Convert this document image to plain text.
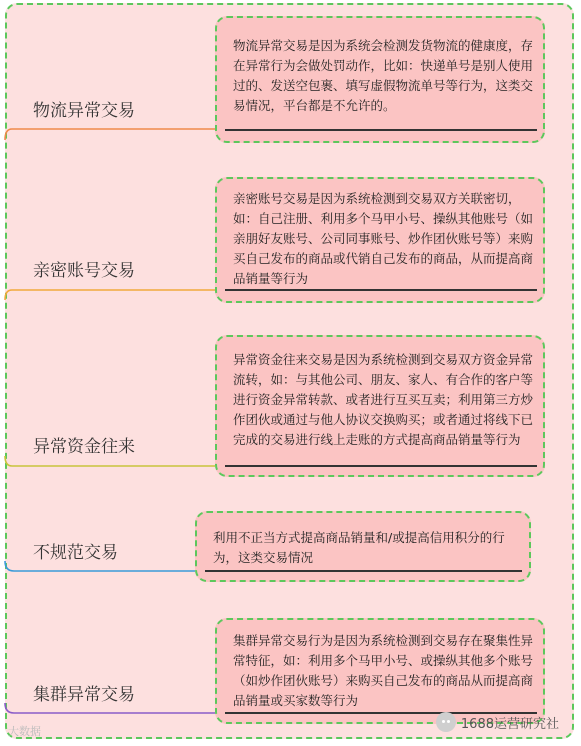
物流异常交易
物流异常交易是因为系统会检测发货物流的健康度，存在异常行为会做处罚动作，比如：快递单号是别人使用过的、发送空包裹、填写虚假物流单号等行为，这类交易情况，平台都是不允许的。
亲密账号交易
亲密账号交易是因为系统检测到交易双方关联密切，如：自己注册、利用多个马甲小号、操纵其他账号（如亲朋好友账号、公司同事账号、炒作团伙账号等）来购买自己发布的商品或代销自己发布的商品，从而提高商品销量等行为
异常资金往来
异常资金往来交易是因为系统检测到交易双方资金异常流转，如：与其他公司、朋友、家人、有合作的客户等进行资金异常转款、或者进行互买互卖；利用第三方炒作团伙或通过与他人协议交换购买；或者通过将线下已完成的交易进行线上走账的方式提高商品销量等行为
不规范交易
利用不正当方式提高商品销量和/或提高信用积分的行为，这类交易情况
集群异常交易
集群异常交易行为是因为系统检测到交易存在聚集性异常特征，如：利用多个马甲小号、或操纵其他多个账号（如炒作团伙账号）来购买自己发布的商品从而提高商品销量或买家数等行为
大数据	1688运营研究社
